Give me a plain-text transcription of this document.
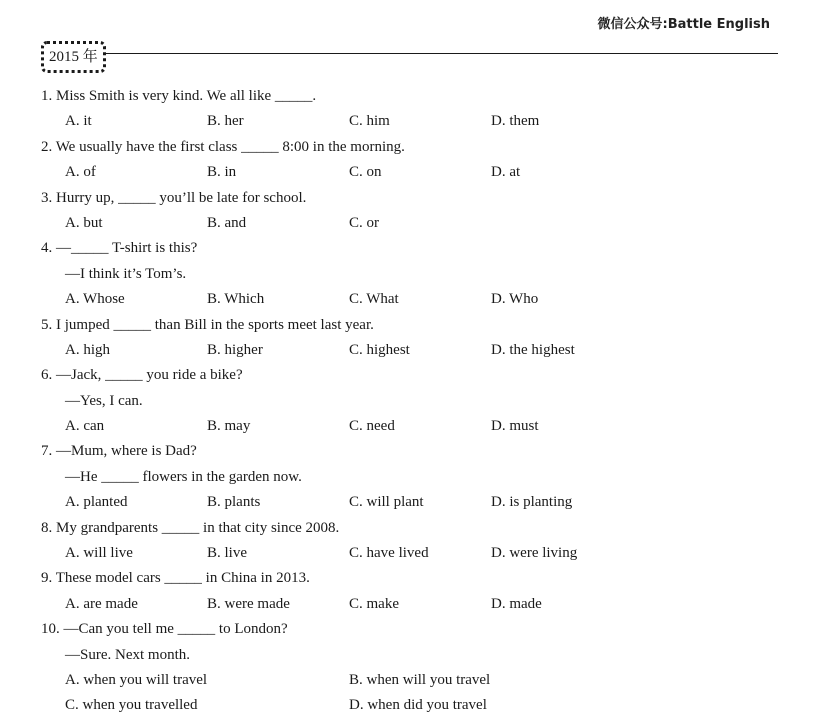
微信公众号:Battle English
2015 年
1. Miss Smith is very kind. We all like _____.
A. it	B. her	C. him	D. them
2. We usually have the first class _____ 8:00 in the morning.
A. of	B. in	C. on	D. at
3. Hurry up, _____ you’ll be late for school.
A. but	B. and	C. or
4. —_____ T-shirt is this?
—I think it’s Tom’s.
A. Whose	B. Which	C. What	D. Who
5. I jumped _____ than Bill in the sports meet last year.
A. high	B. higher	C. highest	D. the highest
6. —Jack, _____ you ride a bike?
—Yes, I can.
A. can	B. may	C. need	D. must
7. —Mum, where is Dad?
—He _____ flowers in the garden now.
A. planted	B. plants	C. will plant	D. is planting
8. My grandparents _____ in that city since 2008.
A. will live	B. live	C. have lived	D. were living
9. These model cars _____ in China in 2013.
A. are made	B. were made	C. make	D. made
10. —Can you tell me _____ to London?
—Sure. Next month.
A. when you will travel	B. when will you travel
C. when you travelled	D. when did you travel
